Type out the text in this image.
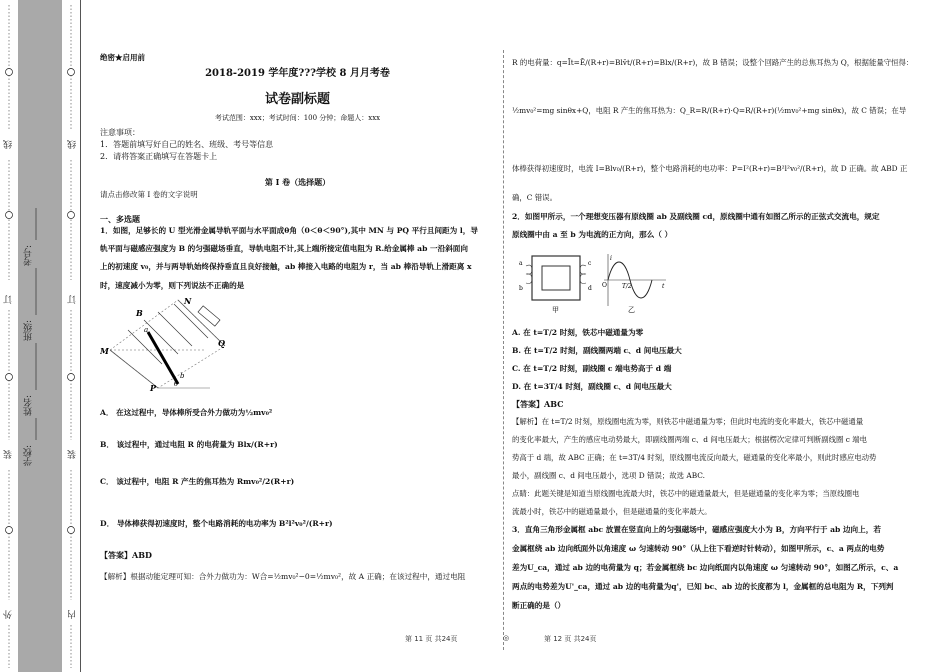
外
装
订
线
内
装
订
线
学校:
姓名:
班级:
考号:
绝密★启用前
2018-2019 学年度???学校 8 月月考卷
试卷副标题
考试范围：xxx；考试时间：100 分钟；命题人：xxx
注意事项：
1．答题前填写好自己的姓名、班级、考号等信息
2．请将答案正确填写在答题卡上
第 I 卷（选择题）
请点击修改第 I 卷的文字说明
一、多选题
1．如图，足够长的 U 型光滑金属导轨平面与水平面成θ角（0＜θ＜90°),其中 MN 与 PQ 平行且间距为 l，导
轨平面与磁感应强度为 B 的匀强磁场垂直，导轨电阻不计,其上端所接定值电阻为 R.给金属棒 ab 一沿斜面向
上的初速度 v₀，并与两导轨始终保持垂直且良好接触，ab 棒接入电路的电阻为 r，当 ab 棒沿导轨上滑距离 x
时，速度减小为零，则下列说法不正确的是
B
N
M
Q
P	θ
b
a
A． 在这过程中，导体棒所受合外力做功为½mv₀²
B． 该过程中，通过电阻 R 的电荷量为 Blx/(R+r)
C． 该过程中，电阻 R 产生的焦耳热为 Rmv₀²/2(R+r)
D． 导体棒获得初速度时，整个电路消耗的电功率为 B²l²v₀²/(R+r)
【答案】ABD
【解析】根据动能定理可知：合外力做功为：W合=½mv₀²−0=½mv₀²，故 A 正确；在该过程中，通过电阻
第 11 页 共24页	◎
R 的电荷量：q=Īt=Ē/(R+r)=Blv̄t/(R+r)=Blx/(R+r)，故 B 错误；设整个回路产生的总焦耳热为 Q，根据能量守恒得：
½mv₀²=mg sinθx+Q，电阻 R 产生的焦耳热为：Q_R=R/(R+r)·Q=R/(R+r)(½mv₀²+mg sinθx)，故 C 错误；在导
体棒获得初速度时，电流 I=Blv₀/(R+r)，整个电路消耗的电功率：P=I²(R+r)=B²l²v₀²/(R+r)，故 D 正确。故 ABD 正
确，C 错误。
2．如图甲所示，一个理想变压器有原线圈 ab 及副线圈 cd，原线圈中通有如图乙所示的正弦式交流电，规定
原线圈中由 a 至 b 为电流的正方向，那么（ ）
a
b
c
d
甲
i
O	T/2	t
乙
A. 在 t=T/2 时刻，铁芯中磁通量为零
B. 在 t=T/2 时刻，副线圈两端 c、d 间电压最大
C. 在 t=T/2 时刻，副线圈 c 端电势高于 d 端
D. 在 t=3T/4 时刻，副线圈 c、d 间电压最大
【答案】ABC
【解析】在 t=T/2 时刻，原线圈电流为零，则铁芯中磁通量为零；但此时电流的变化率最大，铁芯中磁通量
的变化率最大，产生的感应电动势最大，即副线圈两端 c、d 间电压最大；根据楞次定律可判断副线圈 c 端电
势高于 d 端，故 ABC 正确；在 t=3T/4 时刻，原线圈电流反向最大，磁通量的变化率最小，则此时感应电动势
最小，副线圈 c、d 间电压最小，选项 D 错误；故选 ABC.
点睛：此题关键是知道当原线圈电流最大时，铁芯中的磁通量最大，但是磁通量的变化率为零；当原线圈电
流最小时，铁芯中的磁通量最小，但是磁通量的变化率最大。
3．直角三角形金属框 abc 放置在竖直向上的匀强磁场中，磁感应强度大小为 B，方向平行于 ab 边向上，若
金属框绕 ab 边向纸面外以角速度 ω 匀速转动 90°（从上往下看逆时针转动），如图甲所示，c、a 两点的电势
差为U_ca，通过 ab 边的电荷量为 q；若金属框绕 bc 边向纸面内以角速度 ω 匀速转动 90°，如图乙所示，c、a
两点的电势差为U'_ca，通过 ab 边的电荷量为q'，已知 bc、ab 边的长度都为 l，金属框的总电阻为 R，下列判
断正确的是（）
第 12 页 共24页
